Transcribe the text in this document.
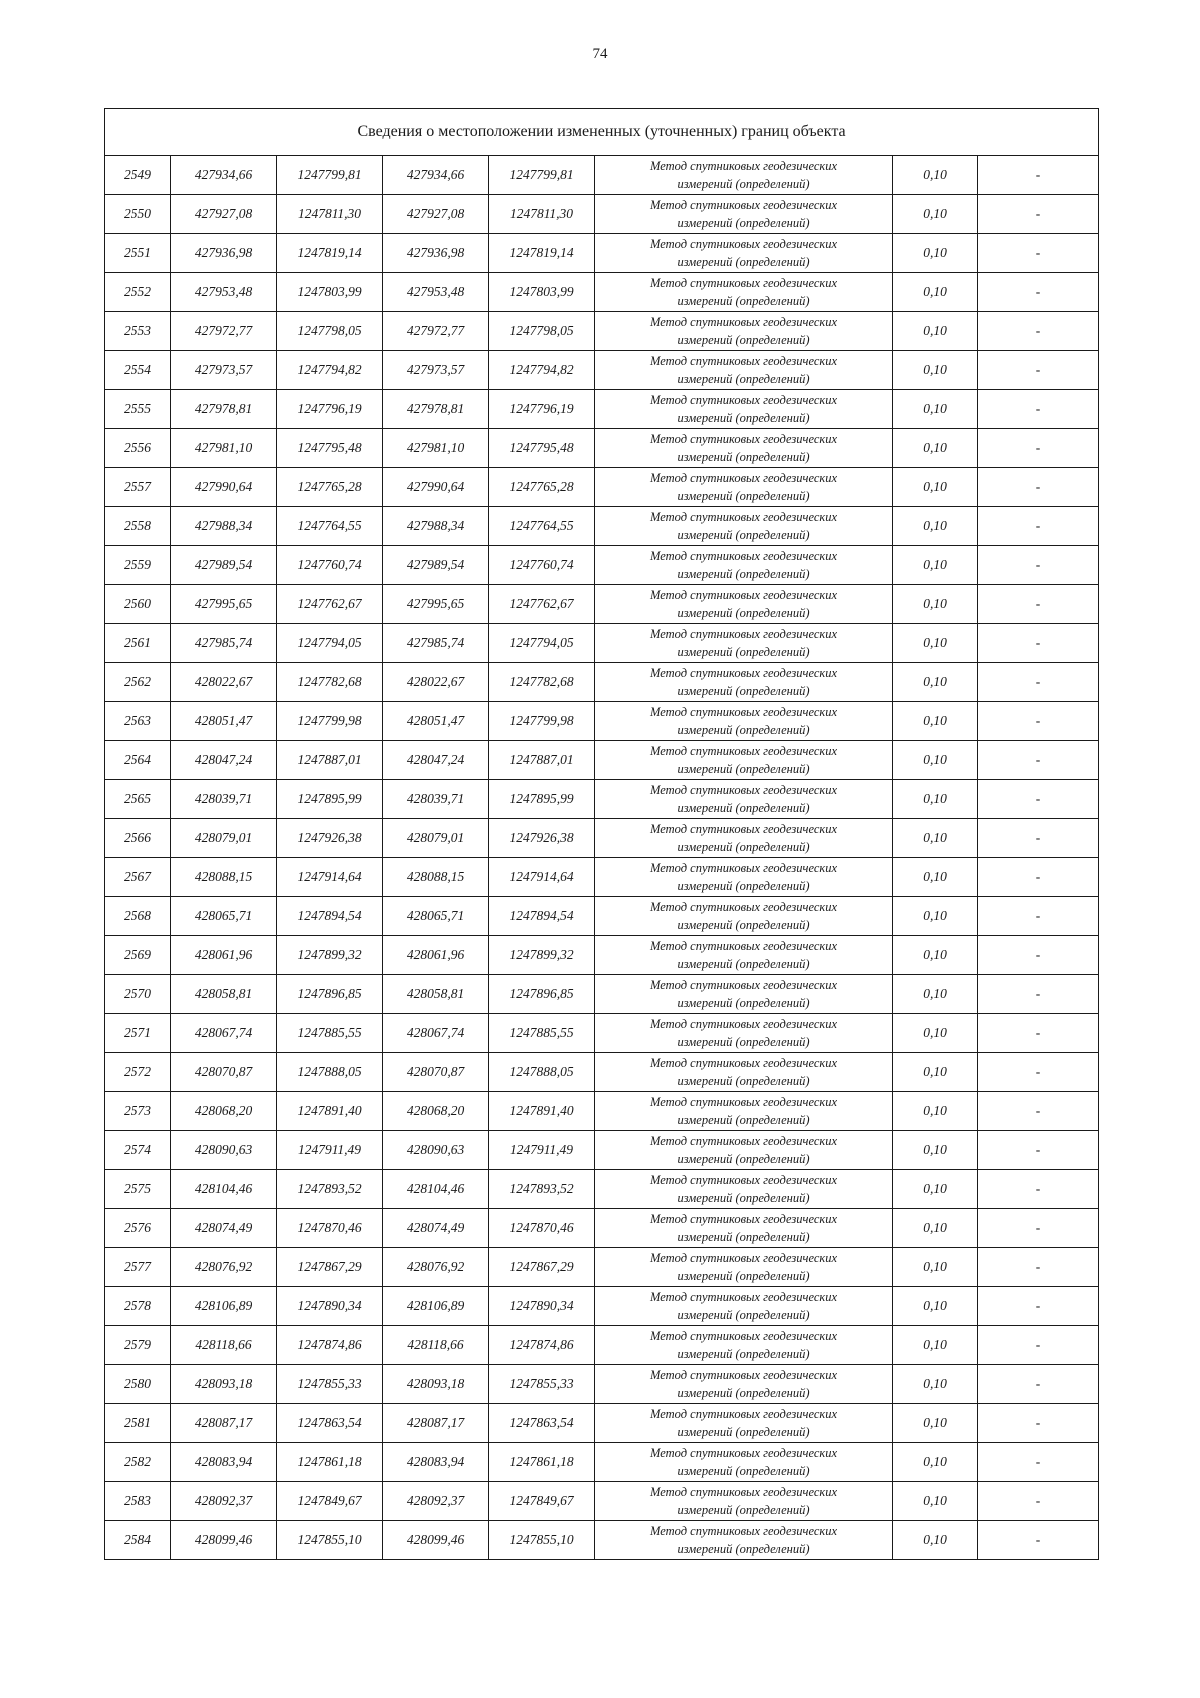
74
Сведения о местоположении измененных (уточненных) границ объекта							
2549	427934,66	1247799,81	427934,66	1247799,81	Метод спутниковых геодезических
измерений (определений)	0,10	-
2550	427927,08	1247811,30	427927,08	1247811,30	Метод спутниковых геодезических
измерений (определений)	0,10	-
2551	427936,98	1247819,14	427936,98	1247819,14	Метод спутниковых геодезических
измерений (определений)	0,10	-
2552	427953,48	1247803,99	427953,48	1247803,99	Метод спутниковых геодезических
измерений (определений)	0,10	-
2553	427972,77	1247798,05	427972,77	1247798,05	Метод спутниковых геодезических
измерений (определений)	0,10	-
2554	427973,57	1247794,82	427973,57	1247794,82	Метод спутниковых геодезических
измерений (определений)	0,10	-
2555	427978,81	1247796,19	427978,81	1247796,19	Метод спутниковых геодезических
измерений (определений)	0,10	-
2556	427981,10	1247795,48	427981,10	1247795,48	Метод спутниковых геодезических
измерений (определений)	0,10	-
2557	427990,64	1247765,28	427990,64	1247765,28	Метод спутниковых геодезических
измерений (определений)	0,10	-
2558	427988,34	1247764,55	427988,34	1247764,55	Метод спутниковых геодезических
измерений (определений)	0,10	-
2559	427989,54	1247760,74	427989,54	1247760,74	Метод спутниковых геодезических
измерений (определений)	0,10	-
2560	427995,65	1247762,67	427995,65	1247762,67	Метод спутниковых геодезических
измерений (определений)	0,10	-
2561	427985,74	1247794,05	427985,74	1247794,05	Метод спутниковых геодезических
измерений (определений)	0,10	-
2562	428022,67	1247782,68	428022,67	1247782,68	Метод спутниковых геодезических
измерений (определений)	0,10	-
2563	428051,47	1247799,98	428051,47	1247799,98	Метод спутниковых геодезических
измерений (определений)	0,10	-
2564	428047,24	1247887,01	428047,24	1247887,01	Метод спутниковых геодезических
измерений (определений)	0,10	-
2565	428039,71	1247895,99	428039,71	1247895,99	Метод спутниковых геодезических
измерений (определений)	0,10	-
2566	428079,01	1247926,38	428079,01	1247926,38	Метод спутниковых геодезических
измерений (определений)	0,10	-
2567	428088,15	1247914,64	428088,15	1247914,64	Метод спутниковых геодезических
измерений (определений)	0,10	-
2568	428065,71	1247894,54	428065,71	1247894,54	Метод спутниковых геодезических
измерений (определений)	0,10	-
2569	428061,96	1247899,32	428061,96	1247899,32	Метод спутниковых геодезических
измерений (определений)	0,10	-
2570	428058,81	1247896,85	428058,81	1247896,85	Метод спутниковых геодезических
измерений (определений)	0,10	-
2571	428067,74	1247885,55	428067,74	1247885,55	Метод спутниковых геодезических
измерений (определений)	0,10	-
2572	428070,87	1247888,05	428070,87	1247888,05	Метод спутниковых геодезических
измерений (определений)	0,10	-
2573	428068,20	1247891,40	428068,20	1247891,40	Метод спутниковых геодезических
измерений (определений)	0,10	-
2574	428090,63	1247911,49	428090,63	1247911,49	Метод спутниковых геодезических
измерений (определений)	0,10	-
2575	428104,46	1247893,52	428104,46	1247893,52	Метод спутниковых геодезических
измерений (определений)	0,10	-
2576	428074,49	1247870,46	428074,49	1247870,46	Метод спутниковых геодезических
измерений (определений)	0,10	-
2577	428076,92	1247867,29	428076,92	1247867,29	Метод спутниковых геодезических
измерений (определений)	0,10	-
2578	428106,89	1247890,34	428106,89	1247890,34	Метод спутниковых геодезических
измерений (определений)	0,10	-
2579	428118,66	1247874,86	428118,66	1247874,86	Метод спутниковых геодезических
измерений (определений)	0,10	-
2580	428093,18	1247855,33	428093,18	1247855,33	Метод спутниковых геодезических
измерений (определений)	0,10	-
2581	428087,17	1247863,54	428087,17	1247863,54	Метод спутниковых геодезических
измерений (определений)	0,10	-
2582	428083,94	1247861,18	428083,94	1247861,18	Метод спутниковых геодезических
измерений (определений)	0,10	-
2583	428092,37	1247849,67	428092,37	1247849,67	Метод спутниковых геодезических
измерений (определений)	0,10	-
2584	428099,46	1247855,10	428099,46	1247855,10	Метод спутниковых геодезических
измерений (определений)	0,10	-
